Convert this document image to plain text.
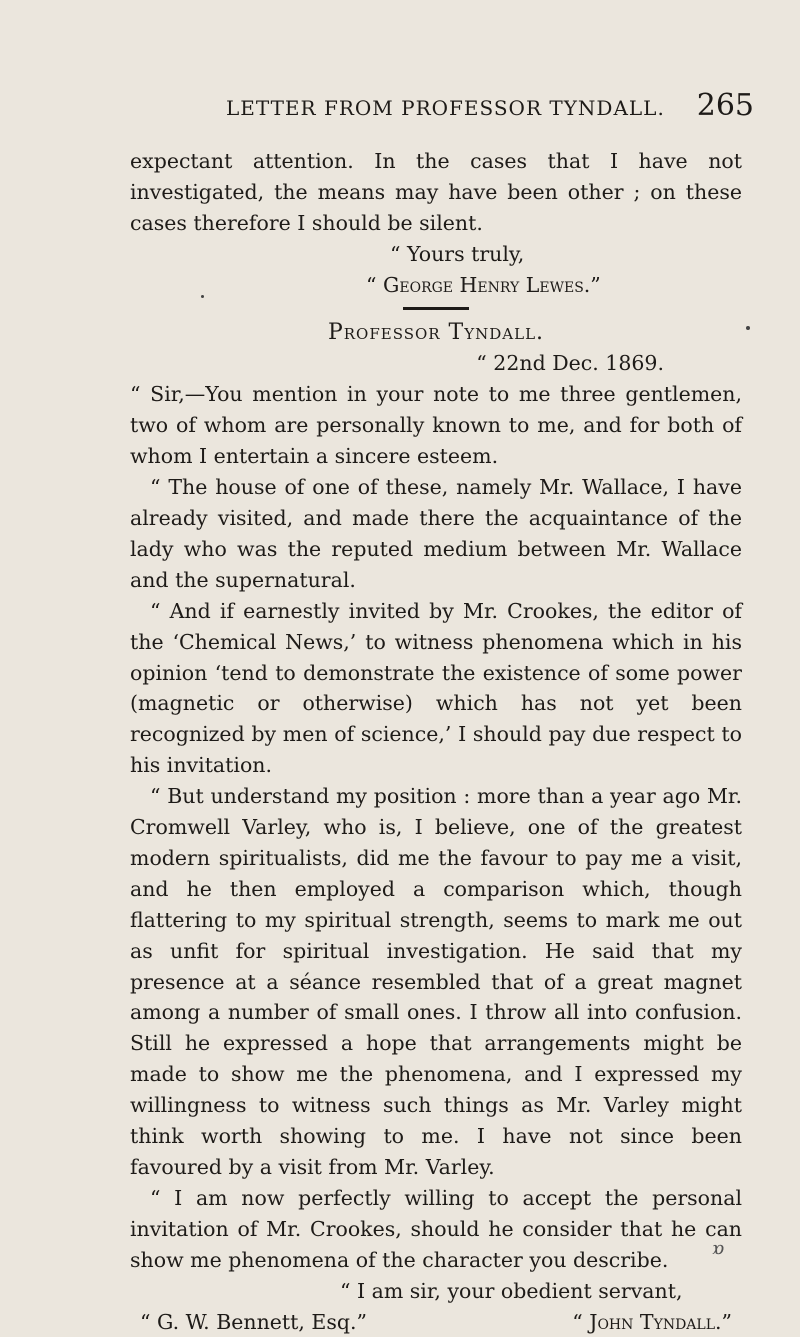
LETTER FROM PROFESSOR TYNDALL. 265

expectant attention. In the cases that I have not investigated, the means may have been other ; on these cases therefore I should be silent.

“ Yours truly,

“ George Henry Lewes.”

Professor Tyndall.

“ 22nd Dec. 1869.

“ Sir,—You mention in your note to me three gentlemen, two of whom are personally known to me, and for both of whom I entertain a sincere esteem.

“ The house of one of these, namely Mr. Wallace, I have already visited, and made there the acquaintance of the lady who was the reputed medium between Mr. Wallace and the supernatural.

“ And if earnestly invited by Mr. Crookes, the editor of the ‘Chemical News,’ to witness phenomena which in his opinion ‘tend to demonstrate the existence of some power (magnetic or otherwise) which has not yet been recognized by men of science,’ I should pay due respect to his invitation.

“ But understand my position : more than a year ago Mr. Cromwell Varley, who is, I believe, one of the greatest modern spiritualists, did me the favour to pay me a visit, and he then employed a comparison which, though flattering to my spiritual strength, seems to mark me out as unfit for spiritual investigation. He said that my presence at a séance resembled that of a great magnet among a number of small ones. I throw all into confusion. Still he expressed a hope that arrangements might be made to show me the phenomena, and I expressed my willingness to witness such things as Mr. Varley might think worth showing to me. I have not since been favoured by a visit from Mr. Varley.

“ I am now perfectly willing to accept the personal invitation of Mr. Crookes, should he consider that he can show me phenomena of the character you describe.

“ I am sir, your obedient servant,

“ G. W. Bennett, Esq.”	“ John Tyndall.”
ɒ
